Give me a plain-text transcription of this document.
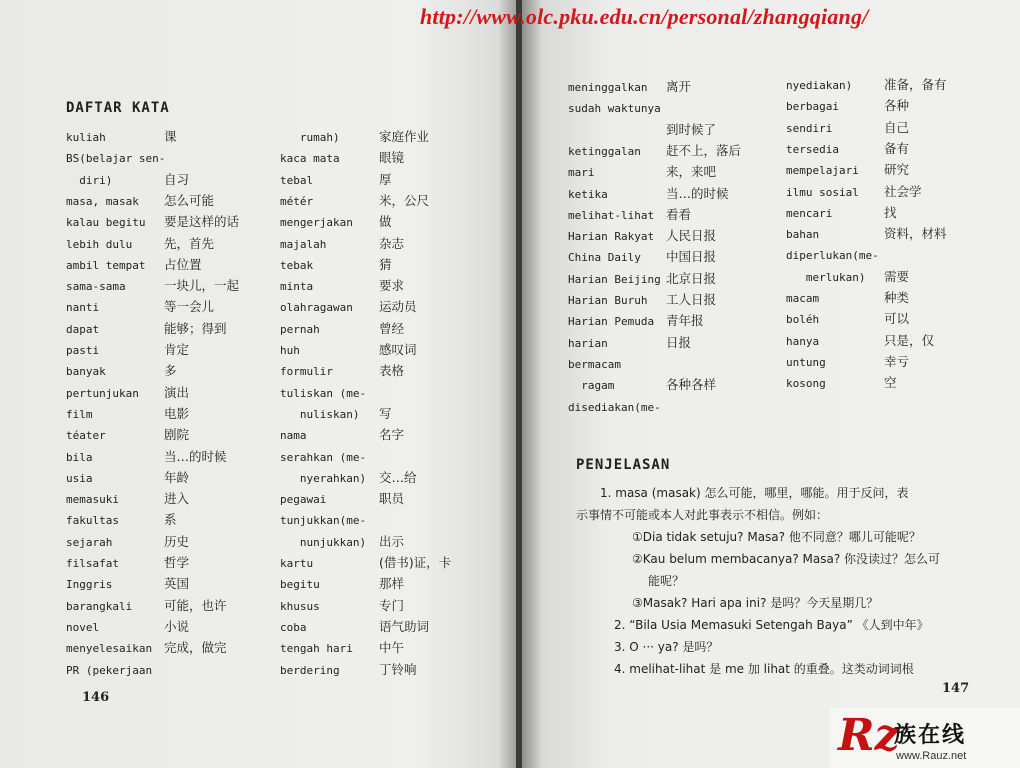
DAFTAR KATA
kuliah	课
BS(belajar sen-
diri)	自习
masa, masak 怎么可能
kalau begitu 要是这样的话
lebih dulu	先，首先
ambil tempat 占位置
sama-sama	一块儿，一起
nanti	等一会儿
dapat	能够；得到
pasti	肯定
banyak	多
pertunjukan 演出
film	电影
téater	剧院
bila	当…的时候
usia	年龄
memasuki	进入
fakultas	系
sejarah	历史
filsafat	哲学
Inggris	英国
barangkali	可能，也许
novel	小说
menyelesaikan 完成，做完
PR (pekerjaan
rumah)	家庭作业
kaca mata	眼镜
tebal	厚
métér	米，公尺
mengerjakan 做
majalah	杂志
tebak	猜
minta	要求
olahragawan 运动员
pernah	曾经
huh	感叹词
formulir	表格
tuliskan (me-
nuliskan) 写
nama	名字
serahkan (me-
nyerahkan) 交…给
pegawai	职员
tunjukkan(me-
nunjukkan) 出示
kartu	(借书)证，卡
begitu	那样
khusus	专门
coba	语气助词
tengah hari 中午
berdering	丁铃响
146
meninggalkan 离开
sudah waktunya
到时候了
ketinggalan 赶不上，落后
mari	来，来吧
ketika	当…的时候
melihat-lihat 看看
Harian Rakyat 人民日报
China Daily 中国日报
Harian Beijing 北京日报
Harian Buruh 工人日报
Harian Pemuda 青年报
harian	日报
bermacam
ragam	各种各样
disediakan(me-
nyediakan)	准备，备有
berbagai	各种
sendiri	自己
tersedia	备有
mempelajari 研究
ilmu sosial 社会学
mencari	找
bahan	资料，材料
diperlukan(me-
merlukan) 需要
macam	种类
boléh	可以
hanya	只是，仅
untung	幸亏
kosong	空
PENJELASAN
1. masa (masak) 怎么可能，哪里，哪能。用于反问，表
示事情不可能或本人对此事表示不相信。例如：
①Dia tidak setuju? Masa? 他不同意？哪儿可能呢？
②Kau belum membacanya? Masa? 你没读过？怎么可
能呢？
③Masak? Hari apa ini? 是吗？今天星期几？
2. “Bila Usia Memasuki Setengah Baya” 《人到中年》
3. O ··· ya? 是吗？
4. melihat-lihat 是 me 加 lihat 的重叠。这类动词词根
147
http://www.olc.pku.edu.cn/personal/zhangqiang/
Rz
族在线
www.Rauz.net
